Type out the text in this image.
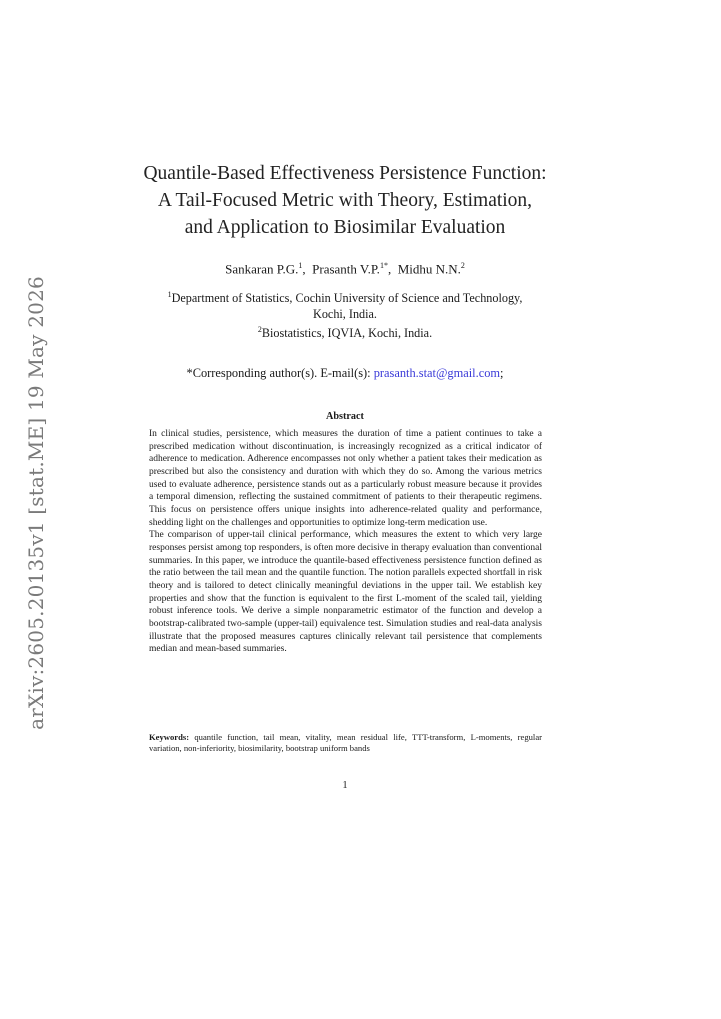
arXiv:2605.20135v1 [stat.ME] 19 May 2026
Quantile-Based Effectiveness Persistence Function:
A Tail-Focused Metric with Theory, Estimation,
and Application to Biosimilar Evaluation
Sankaran P.G.$^1$,  Prasanth V.P.$^{1*}$,  Midhu N.N.$^2$
$^1$Department of Statistics, Cochin University of Science and Technology,
Kochi, India.
$^2$Biostatistics, IQVIA, Kochi, India.
*Corresponding author(s). E-mail(s): prasanth.stat@gmail.com;
Abstract

In clinical studies, persistence, which measures the duration of time a patient continues to take a prescribed medication without discontinuation, is increasingly recognized as a critical indicator of adherence to medication. Adherence encompasses not only whether a patient takes their medication as prescribed but also the consistency and duration with which they do so. Among the various metrics used to evaluate adherence, persistence stands out as a particularly robust measure because it provides a temporal dimension, reflecting the sustained commitment of patients to their therapeutic regimens. This focus on persistence offers unique insights into adherence-related quality and performance, shedding light on the challenges and opportunities to optimize long-term medication use.

The comparison of upper-tail clinical performance, which measures the extent to which very large responses persist among top responders, is often more decisive in therapy evaluation than conventional summaries. In this paper, we introduce the quantile-based effectiveness persistence function defined as the ratio between the tail mean and the quantile function. The notion parallels expected shortfall in risk theory and is tailored to detect clinically meaningful deviations in the upper tail. We establish key properties and show that the function is equivalent to the first L-moment of the scaled tail, yielding robust inference tools. We derive a simple nonparametric estimator of the function and develop a bootstrap-calibrated two-sample (upper-tail) equivalence test. Simulation studies and real-data analysis illustrate that the proposed measures captures clinically relevant tail persistence that complements median and mean-based summaries.

Keywords: quantile function, tail mean, vitality, mean residual life, TTT-transform, L-moments, regular variation, non-inferiority, biosimilarity, bootstrap uniform bands
1
